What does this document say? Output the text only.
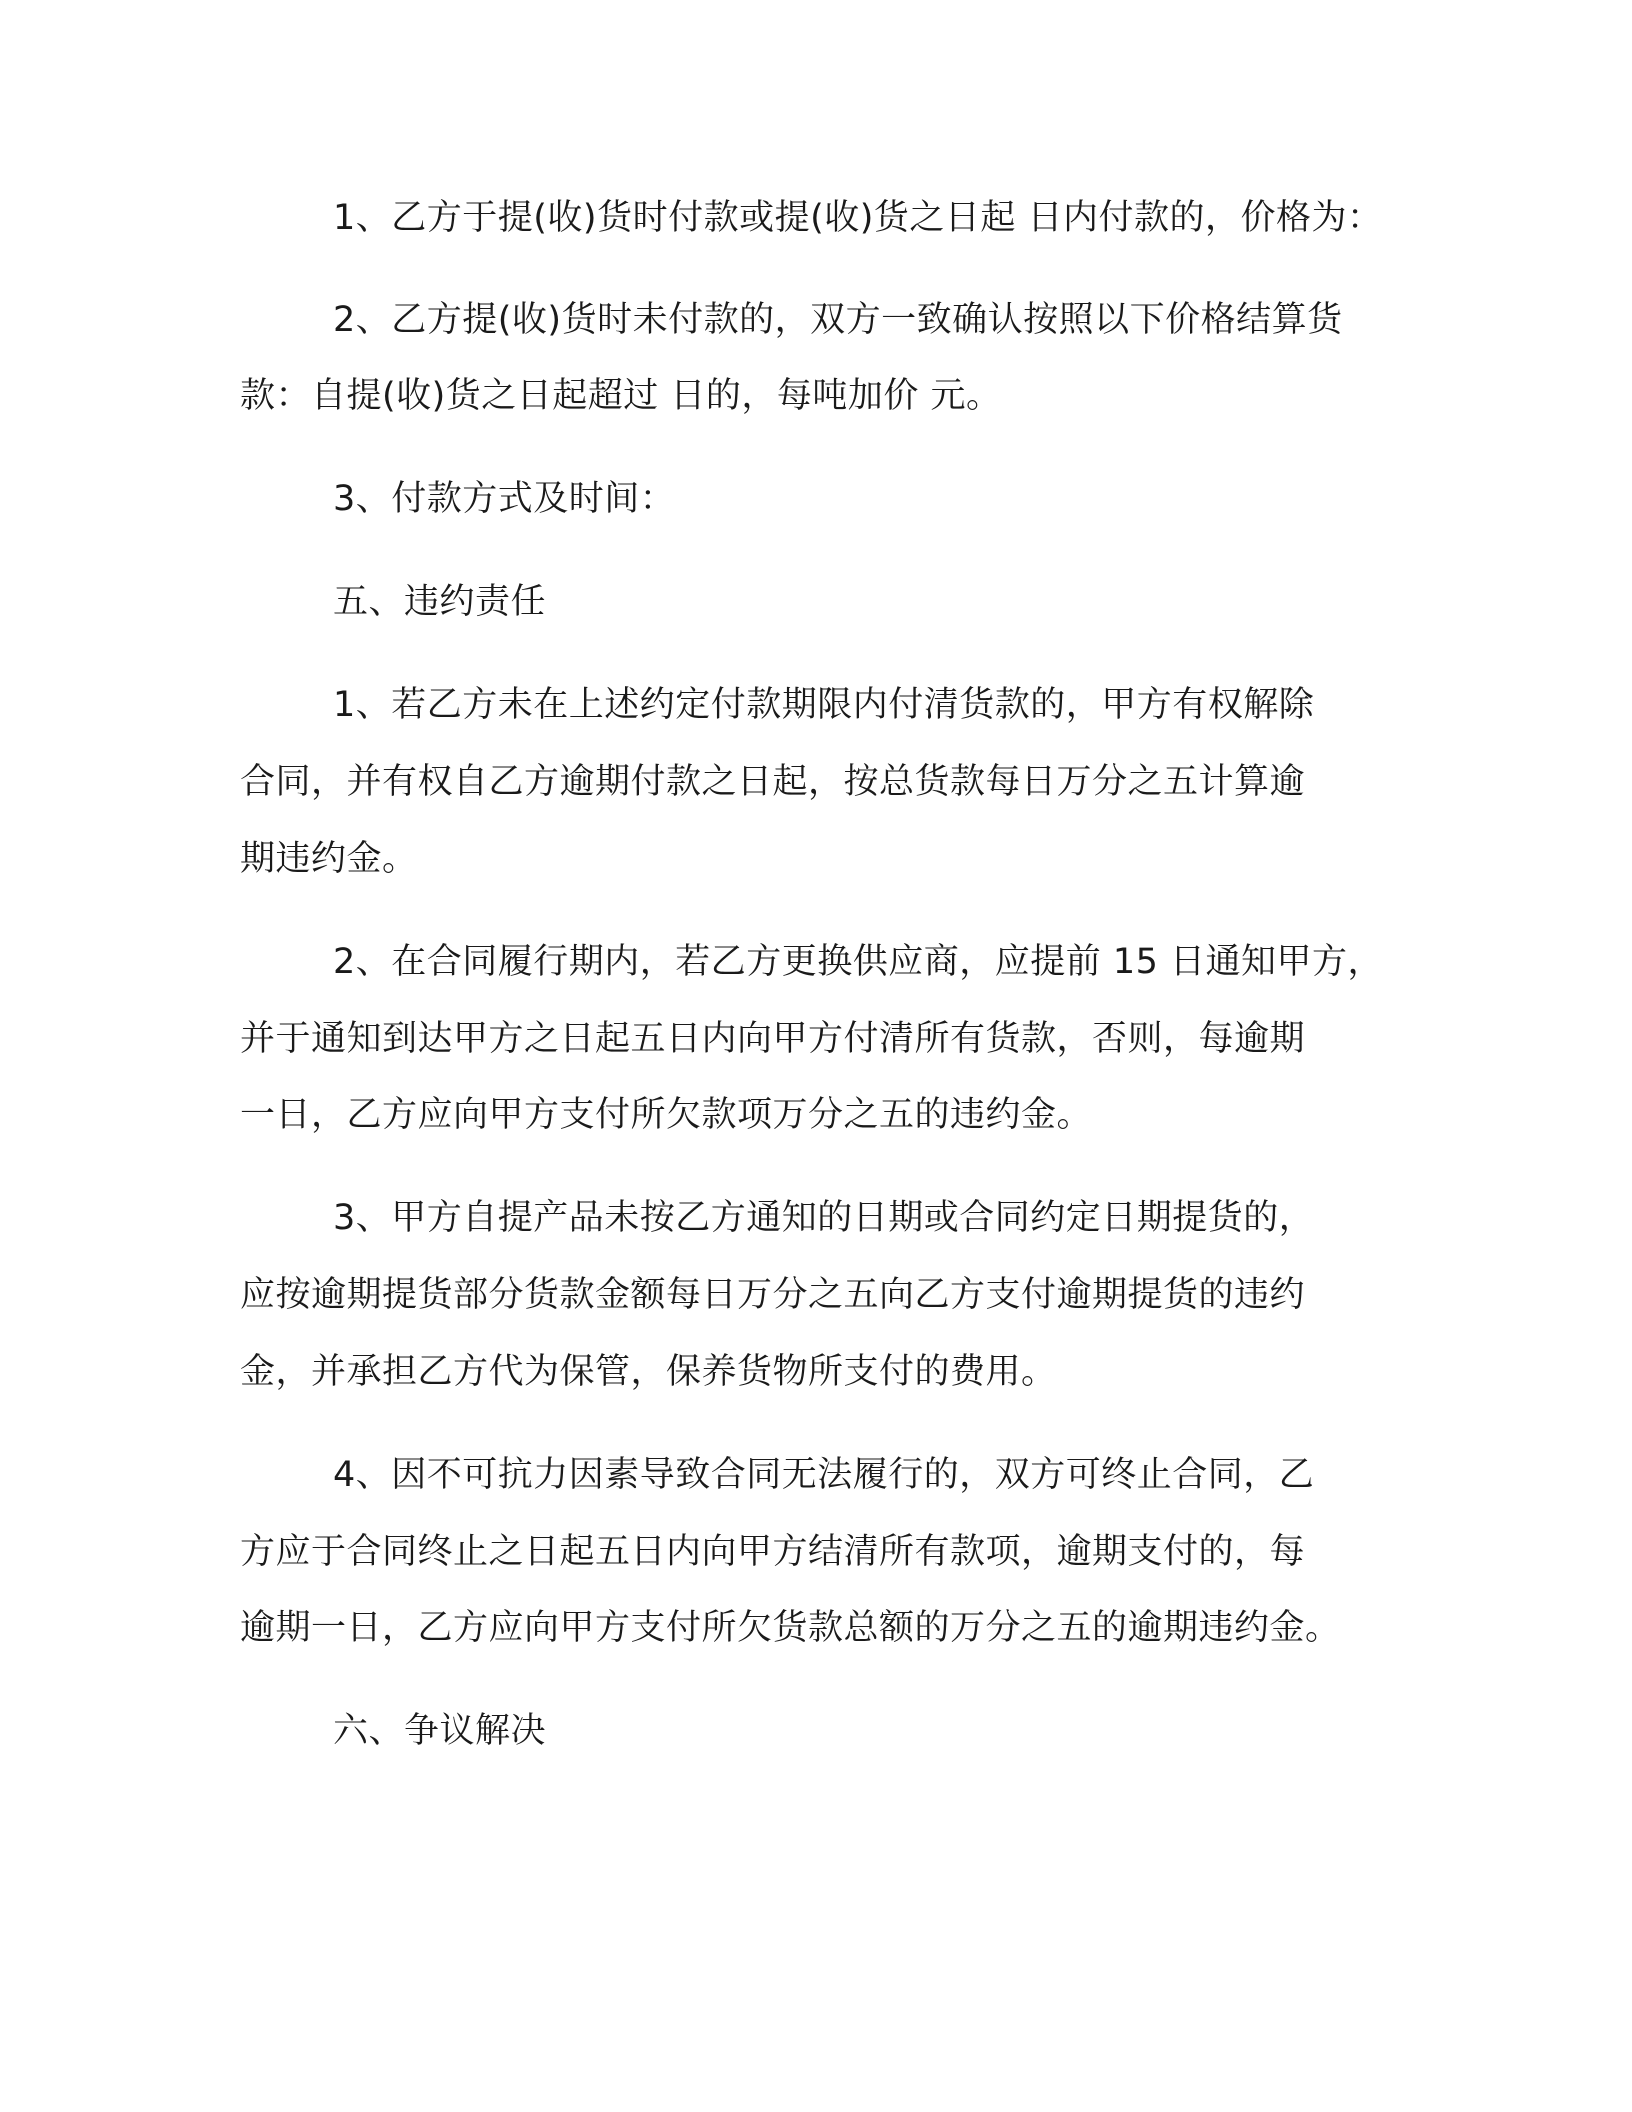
1、乙方于提(收)货时付款或提(收)货之日起 日内付款的，价格为：
2、乙方提(收)货时未付款的，双方一致确认按照以下价格结算货
款：自提(收)货之日起超过 日的，每吨加价 元。
3、付款方式及时间：
五、违约责任
1、若乙方未在上述约定付款期限内付清货款的，甲方有权解除
合同，并有权自乙方逾期付款之日起，按总货款每日万分之五计算逾
期违约金。
2、在合同履行期内，若乙方更换供应商，应提前 15 日通知甲方，
并于通知到达甲方之日起五日内向甲方付清所有货款，否则，每逾期
一日，乙方应向甲方支付所欠款项万分之五的违约金。
3、甲方自提产品未按乙方通知的日期或合同约定日期提货的，
应按逾期提货部分货款金额每日万分之五向乙方支付逾期提货的违约
金，并承担乙方代为保管，保养货物所支付的费用。
4、因不可抗力因素导致合同无法履行的，双方可终止合同，乙
方应于合同终止之日起五日内向甲方结清所有款项，逾期支付的，每
逾期一日，乙方应向甲方支付所欠货款总额的万分之五的逾期违约金。
六、争议解决
